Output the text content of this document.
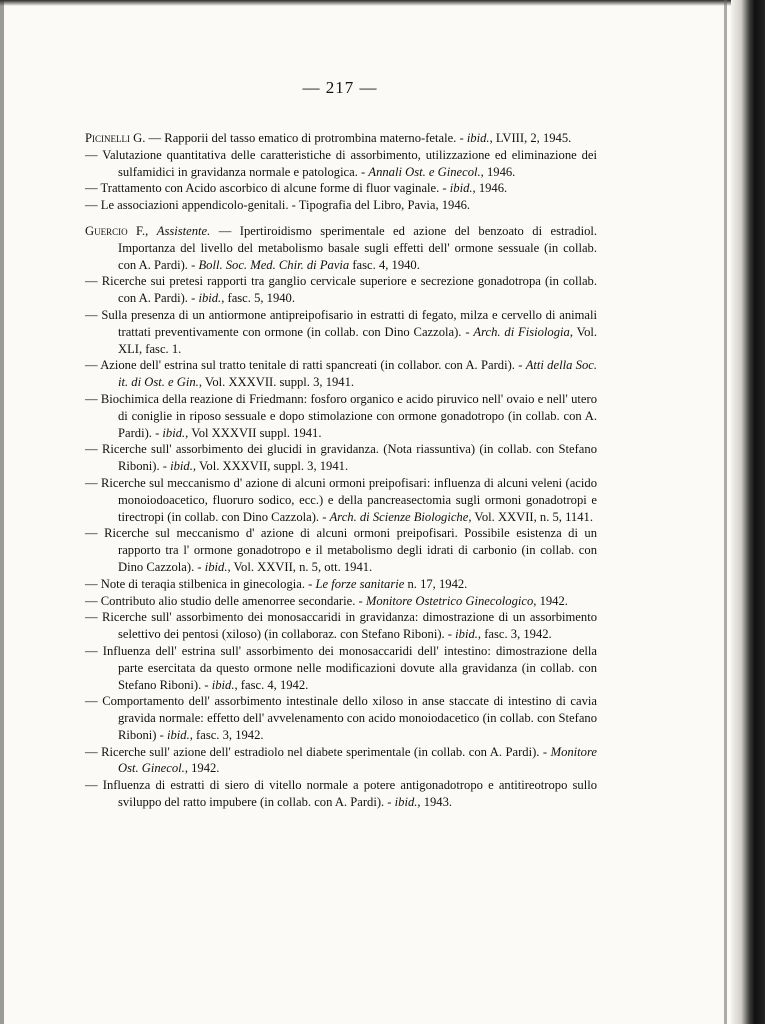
— 217 —

Picinelli G. — Rapporii del tasso ematico di protrombina materno-fetale. - ibid., LVIII, 2, 1945.

— Valutazione quantitativa delle caratteristiche di assorbimento, utilizzazione ed eliminazione dei sulfamidici in gravidanza normale e patologica. - Annali Ost. e Ginecol., 1946.

— Trattamento con Acido ascorbico di alcune forme di fluor vaginale. - ibid., 1946.

— Le associazioni appendicolo-genitali. - Tipografia del Libro, Pavia, 1946.

Guercio F., Assistente. — Ipertiroidismo sperimentale ed azione del benzoato di estradiol. Importanza del livello del metabolismo basale sugli effetti dell' ormone sessuale (in collab. con A. Pardi). - Boll. Soc. Med. Chir. di Pavia fasc. 4, 1940.

— Ricerche sui pretesi rapporti tra ganglio cervicale superiore e secrezione gonadotropa (in collab. con A. Pardi). - ibid., fasc. 5, 1940.

— Sulla presenza di un antiormone antipreipofisario in estratti di fegato, milza e cervello di animali trattati preventivamente con ormone (in collab. con Dino Cazzola). - Arch. di Fisiologia, Vol. XLI, fasc. 1.

— Azione dell' estrina sul tratto tenitale di ratti spancreati (in collabor. con A. Pardi). - Atti della Soc. it. di Ost. e Gin., Vol. XXXVII. suppl. 3, 1941.

— Biochimica della reazione di Friedmann: fosforo organico e acido piruvico nell' ovaio e nell' utero di coniglie in riposo sessuale e dopo stimolazione con ormone gonadotropo (in collab. con A. Pardi). - ibid., Vol XXXVII suppl. 1941.

— Ricerche sull' assorbimento dei glucidi in gravidanza. (Nota riassuntiva) (in collab. con Stefano Riboni). - ibid., Vol. XXXVII, suppl. 3, 1941.

— Ricerche sul meccanismo d' azione di alcuni ormoni preipofisari: influenza di alcuni veleni (acido monoiodoacetico, fluoruro sodico, ecc.) e della pancreasectomia sugli ormoni gonadotropi e tirectropi (in collab. con Dino Cazzola). - Arch. di Scienze Biologiche, Vol. XXVII, n. 5, 1141.

— Ricerche sul meccanismo d' azione di alcuni ormoni preipofisari. Possibile esistenza di un rapporto tra l' ormone gonadotropo e il metabolismo degli idrati di carbonio (in collab. con Dino Cazzola). - ibid., Vol. XXVII, n. 5, ott. 1941.

— Note di teraqia stilbenica in ginecologia. - Le forze sanitarie n. 17, 1942.

— Contributo alio studio delle amenorree secondarie. - Monitore Ostetrico Ginecologico, 1942.

— Ricerche sull' assorbimento dei monosaccaridi in gravidanza: dimostrazione di un assorbimento selettivo dei pentosi (xiloso) (in collaboraz. con Stefano Riboni). - ibid., fasc. 3, 1942.

— Influenza dell' estrina sull' assorbimento dei monosaccaridi dell' intestino: dimostrazione della parte esercitata da questo ormone nelle modificazioni dovute alla gravidanza (in collab. con Stefano Riboni). - ibid., fasc. 4, 1942.

— Comportamento dell' assorbimento intestinale dello xiloso in anse staccate di intestino di cavia gravida normale: effetto dell' avvelenamento con acido monoiodacetico (in collab. con Stefano Riboni) - ibid., fasc. 3, 1942.

— Ricerche sull' azione dell' estradiolo nel diabete sperimentale (in collab. con A. Pardi). - Monitore Ost. Ginecol., 1942.

— Influenza di estratti di siero di vitello normale a potere antigonadotropo e antitireotropo sullo sviluppo del ratto impubere (in collab. con A. Pardi). - ibid., 1943.
